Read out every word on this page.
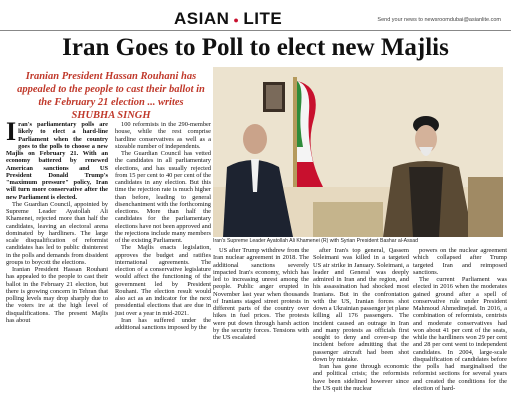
ASIAN ● LITE	Send your news to newsroomdubai@asianlite.com
Iran Goes to Poll to elect new Majlis
Iranian President Hassan Rouhani has appealed to the people to cast their ballot in the February 21 election ... writes SHUBHA SINGH
Iran's Supreme Leader Ayatollah Ali Khamenei (R) with Syrian President Bashar al-Assad

Iran's parliamentary polls are likely to elect a hard-line Parliament when the country goes to the polls to choose a new Majlis on February 21. With an economy battered by renewed American sanctions and US President Donald Trump's "maximum pressure" policy, Iran will turn more conservative after the new Parliament is elected.

The Guardian Council, appointed by Supreme Leader Ayatollah Ali Khamenei, rejected more than half the candidates, leaving an electoral arena dominated by hardliners. The large scale disqualification of reformist candidates has led to public disinterest in the polls and demands from dissident groups to boycott the elections.

Iranian President Hassan Rouhani has appealed to the people to cast their ballot in the February 21 election, but there is growing concern in Tehran that polling levels may drop sharply due to the voters ire at the high level of disqualifications. The present Majlis has about

100 reformists in the 290-member house, while the rest comprise hardline conservatives as well as a sizeable number of independents.

The Guardian Council has vetted the candidates in all parliamentary elections, and has usually rejected from 15 per cent to 40 per cent of the candidates in any election. But this time the rejection rate is much higher than before, leading to general disenchantment with the forthcoming elections. More than half the candidates for the parliamentary elections have not been approved and the rejections include many members of the existing Parliament.

The Majlis enacts legislation, approves the budget and ratifies international agreements. The election of a conservative legislature would affect the functioning of the government led by President Rouhani. The election result would also act as an indicator for the next presidential elections that are due in just over a year in mid-2021.

Iran has suffered under the additional sanctions imposed by the

US after Trump withdrew from the Iran nuclear agreement in 2018. The additional sanctions severely impacted Iran's economy, which has led to increasing unrest among the people. Public anger erupted in November last year when thousands of Iranians staged street protests in different parts of the country over hikes in fuel prices. The protests were put down through harsh action by the security forces. Tensions with the US escalated

after Iran's top general, Qassem Soleimani was killed in a targeted US air strike in January. Soleimani, a leader and General was deeply admired in Iran and the region, and his assassination had shocked most Iranians. But in the confrontation with the US, Iranian forces shot down a Ukrainian passenger jet plane killing all 176 passengers. The incident caused an outrage in Iran and many protests as officials first sought to deny and cover-up the incident before admitting that the passenger aircraft had been shot down by mistake.

Iran has gone through economic and political crisis; the reformists have been sidelined however since the US quit the nuclear

powers on the nuclear agreement which collapsed after Trump targeted Iran and reimposed sanctions.

The current Parliament was elected in 2016 when the moderates gained ground after a spell of conservative rule under President Mahmoud Ahmedinejad. In 2016, a combination of reformists, centrists and moderate conservatives had won about 41 per cent of the seats, while the hardliners won 29 per cent and 28 per cent went to independent candidates. In 2004, large-scale disqualification of candidates before the polls had marginalised the reformist sections for several years and created the conditions for the election of hard-
